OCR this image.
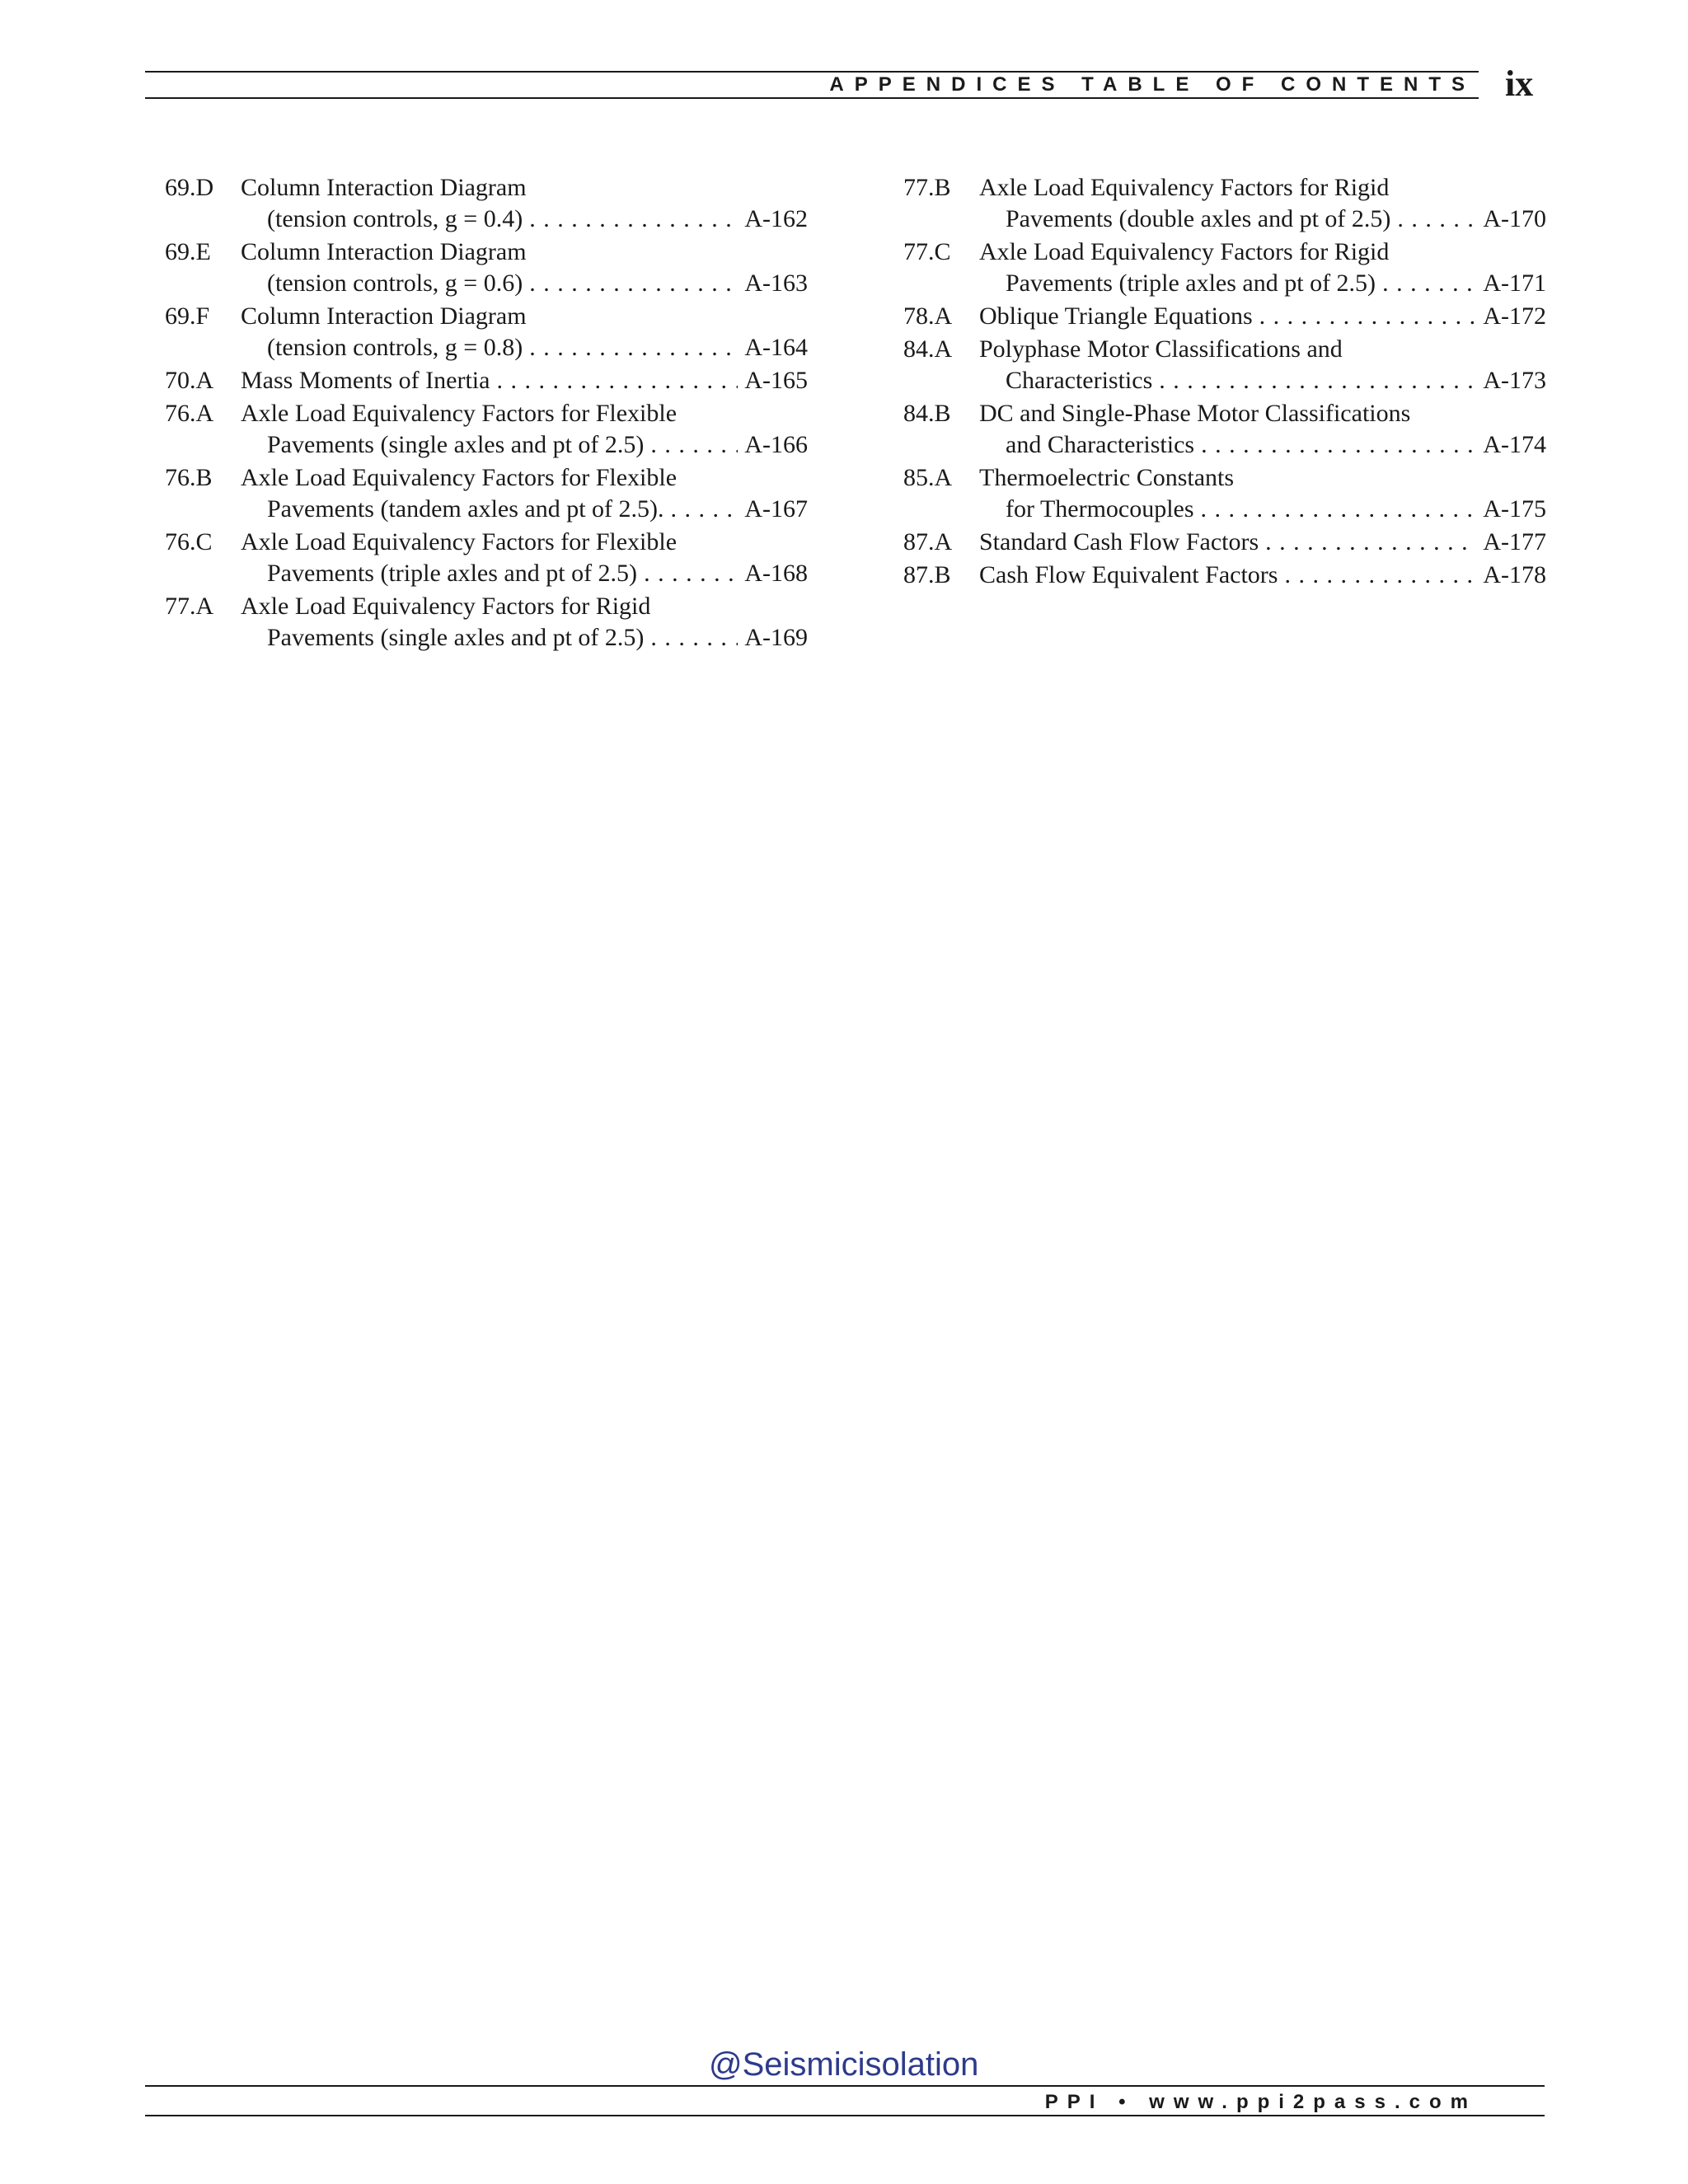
APPENDICES TABLE OF CONTENTS ix
69.D Column Interaction Diagram
(tension controls, g = 0.4) . . .	A-162
69.E Column Interaction Diagram
(tension controls, g = 0.6) . . .	A-163
69.F Column Interaction Diagram
(tension controls, g = 0.8) . . .	A-164
70.A Mass Moments of Inertia . . .	A-165
76.A Axle Load Equivalency Factors for Flexible
Pavements (single axles and pt of 2.5) . . .	A-166
76.B Axle Load Equivalency Factors for Flexible
Pavements (tandem axles and pt of 2.5). . . .	A-167
76.C Axle Load Equivalency Factors for Flexible
Pavements (triple axles and pt of 2.5) . . .	A-168
77.A Axle Load Equivalency Factors for Rigid
Pavements (single axles and pt of 2.5) . . .	A-169
77.B Axle Load Equivalency Factors for Rigid
Pavements (double axles and pt of 2.5) . . .	A-170
77.C Axle Load Equivalency Factors for Rigid
Pavements (triple axles and pt of 2.5) . . .	A-171
78.A Oblique Triangle Equations . . .	A-172
84.A Polyphase Motor Classifications and
Characteristics . . .	A-173
84.B DC and Single-Phase Motor Classifications
and Characteristics . . .	A-174
85.A Thermoelectric Constants
for Thermocouples . . .	A-175
87.A Standard Cash Flow Factors . . .	A-177
87.B Cash Flow Equivalent Factors . . .	A-178
@Seismicisolation
PPI • www.ppi2pass.com
